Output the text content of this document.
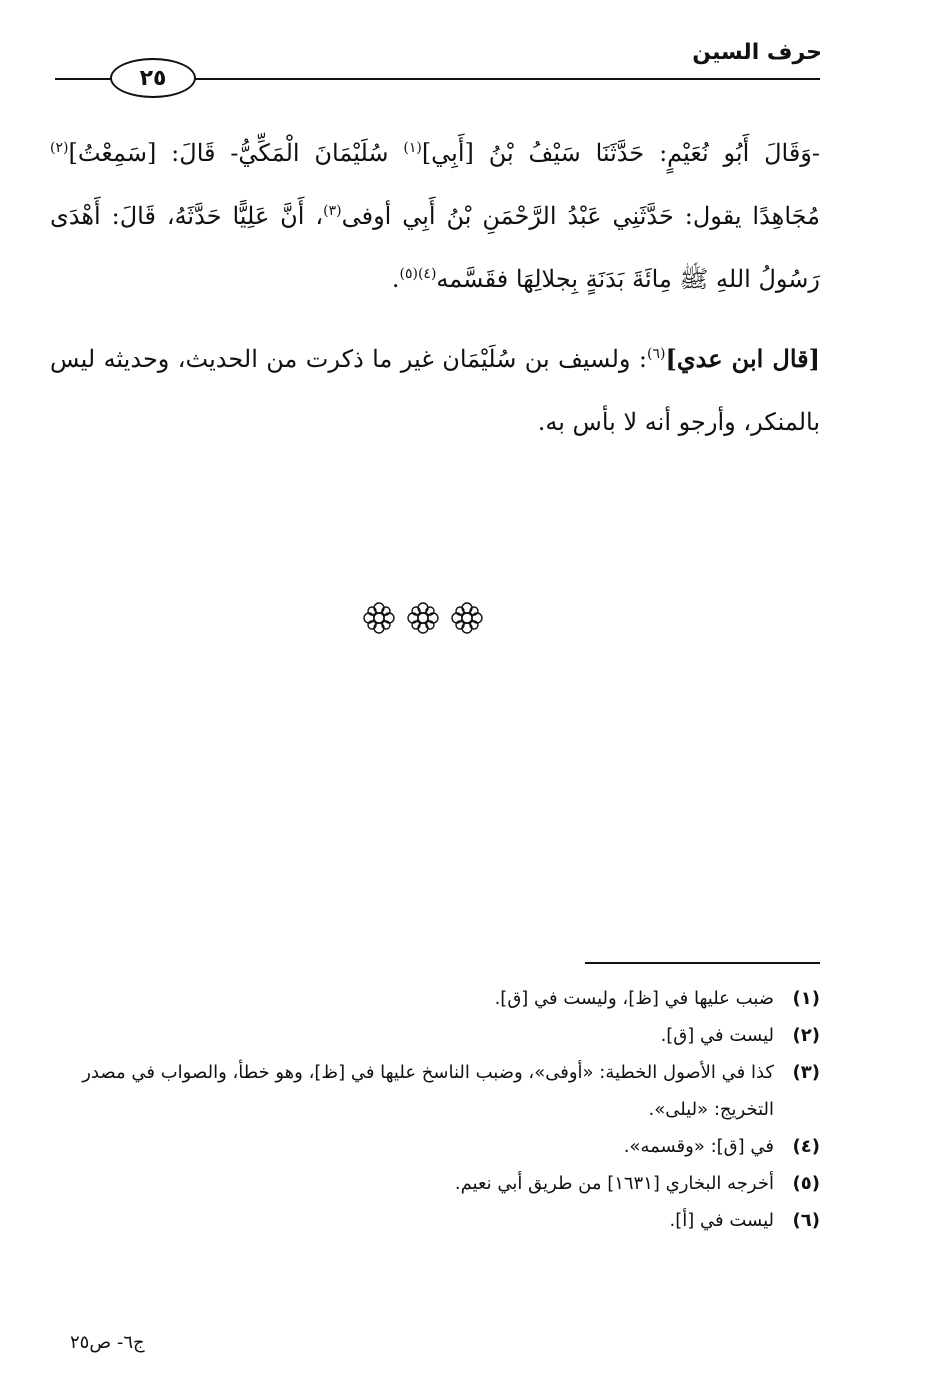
حرف السين
٢٥

-وَقَالَ أَبُو نُعَيْمٍ: حَدَّثَنَا سَيْفُ بْنُ [أَبِي]$^{(١)}$ سُلَيْمَانَ الْمَكِّيُّ- قَالَ: [سَمِعْتُ]$^{(٢)}$ مُجَاهِدًا يقول: حَدَّثَنِي عَبْدُ الرَّحْمَنِ بْنُ أَبِي أوفى$^{(٣)}$، أَنَّ عَلِيًّا حَدَّثَهُ، قَالَ: أَهْدَى رَسُولُ اللهِ ﷺ مِائَةَ بَدَنَةٍ بِجلالِهَا فقَسَّمه$^{(٤)(٥)}$.

[قال ابن عدي]$^{(٦)}$: ولسيف بن سُلَيْمَان غير ما ذكرت من الحديث، وحديثه ليس بالمنكر، وأرجو أنه لا بأس به.

(١)
ضبب عليها في [ظ]، وليست في [ق].
(٢)
ليست في [ق].
(٣)
كذا في الأصول الخطية: «أوفى»، وضبب الناسخ عليها في [ظ]، وهو خطأ، والصواب في مصدر التخريج: «ليلى».
(٤)
في [ق]: «وقسمه».
(٥)
أخرجه البخاري [١٦٣١] من طريق أبي نعيم.
(٦)
ليست في [أ].
ج٦- ص٢٥
